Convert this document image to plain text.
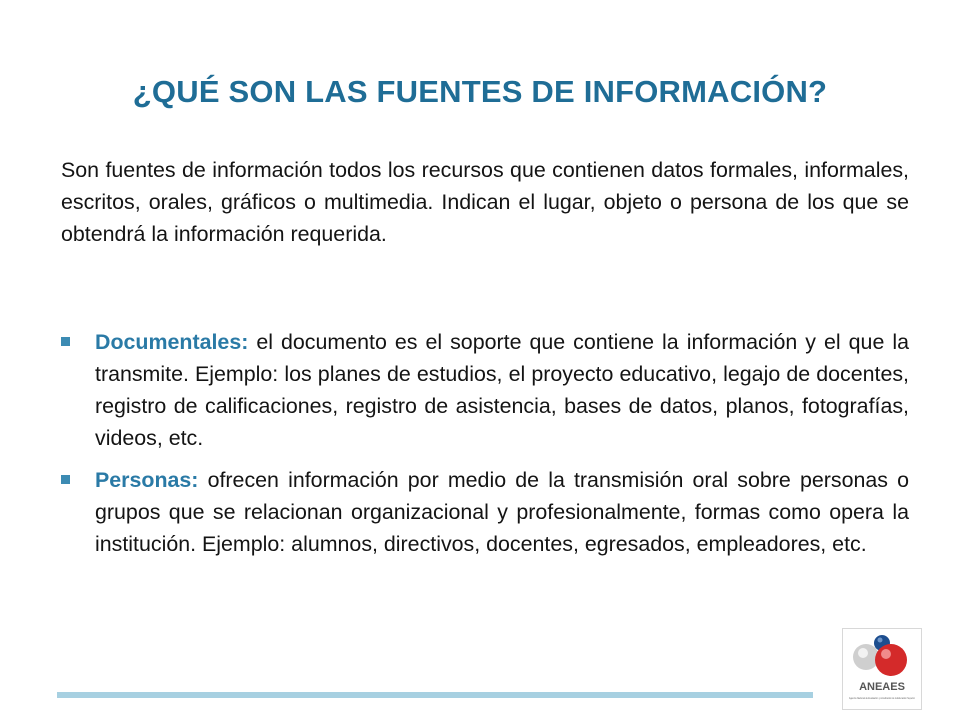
¿QUÉ SON LAS FUENTES DE INFORMACIÓN?

Son fuentes de información todos los recursos que contienen datos formales, informales, escritos, orales, gráficos o multimedia. Indican el lugar, objeto o persona de los que se obtendrá la información requerida.

Documentales: el documento es el soporte que contiene la información y el que la transmite. Ejemplo: los planes de estudios, el proyecto educativo, legajo de docentes, registro de calificaciones, registro de asistencia, bases de datos, planos, fotografías, videos, etc.
Personas: ofrecen información por medio de la transmisión oral sobre personas o grupos que se relacionan organizacional y profesionalmente, formas como opera la institución. Ejemplo: alumnos, directivos, docentes, egresados, empleadores, etc.
ANEAES
Agencia Nacional de Evaluación y Acreditación de la Educación Superior
